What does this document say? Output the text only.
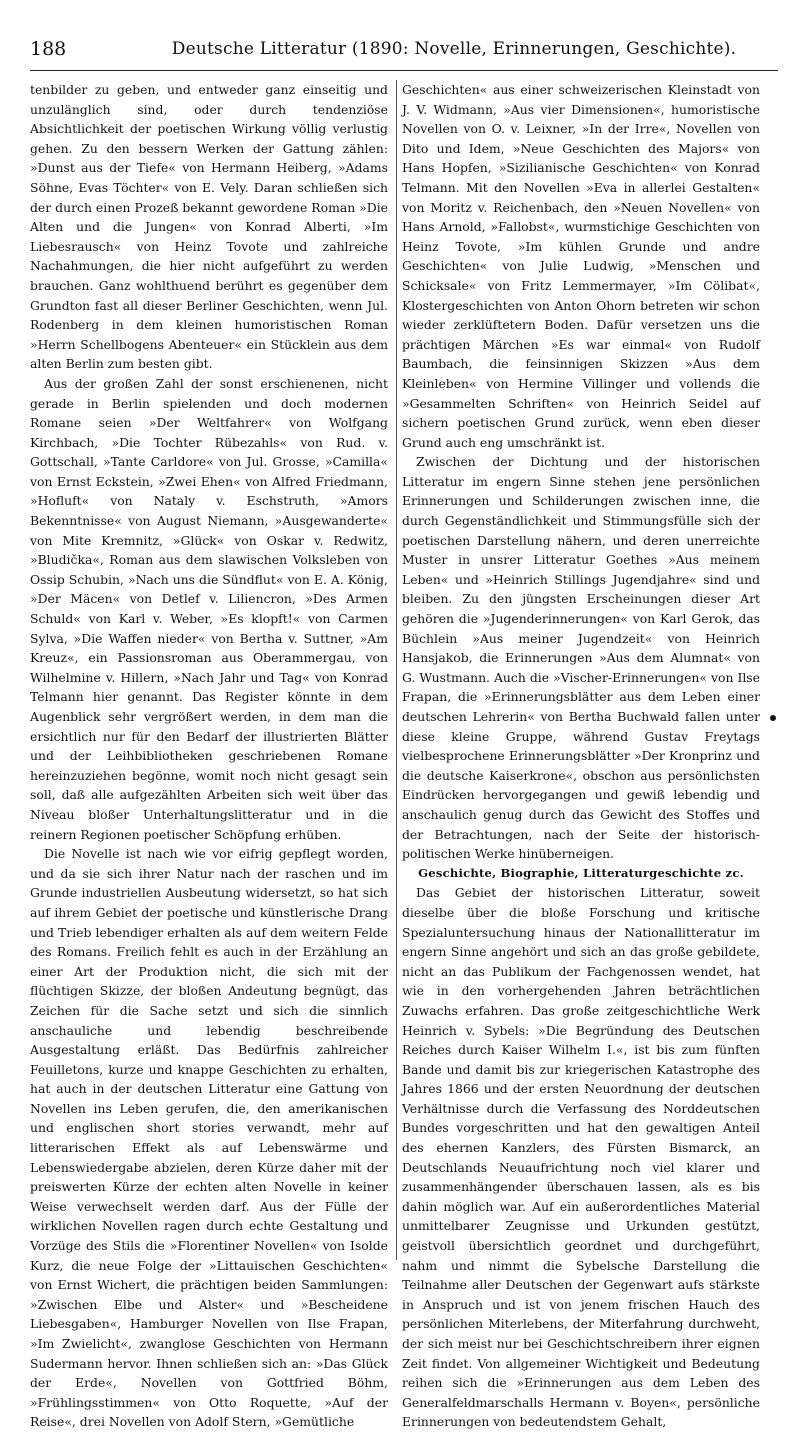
188	Deutsche Litteratur (1890: Novelle, Erinnerungen, Geschichte).

tenbilder zu geben, und entweder ganz einseitig und unzulänglich sind, oder durch tendenziöse Absichtlichkeit der poetischen Wirkung völlig verlustig gehen. Zu den bessern Werken der Gattung zählen: »Dunst aus der Tiefe« von Hermann Heiberg, »Adams Söhne, Evas Töchter« von E. Vely. Daran schließen sich der durch einen Prozeß bekannt gewordene Roman »Die Alten und die Jungen« von Konrad Alberti, »Im Liebesrausch« von Heinz Tovote und zahlreiche Nachahmungen, die hier nicht aufgeführt zu werden brauchen. Ganz wohlthuend berührt es gegenüber dem Grundton fast all dieser Berliner Geschichten, wenn Jul. Rodenberg in dem kleinen humoristischen Roman »Herrn Schellbogens Abenteuer« ein Stücklein aus dem alten Berlin zum besten gibt.

Aus der großen Zahl der sonst erschienenen, nicht gerade in Berlin spielenden und doch modernen Romane seien »Der Weltfahrer« von Wolfgang Kirchbach, »Die Tochter Rübezahls« von Rud. v. Gottschall, »Tante Carldore« von Jul. Grosse, »Camilla« von Ernst Eckstein, »Zwei Ehen« von Alfred Friedmann, »Hofluft« von Nataly v. Eschstruth, »Amors Bekenntnisse« von August Niemann, »Ausgewanderte« von Mite Kremnitz, »Glück« von Oskar v. Redwitz, »Bludička«, Roman aus dem slawischen Volksleben von Ossip Schubin, »Nach uns die Sündflut« von E. A. König, »Der Mäcen« von Detlef v. Liliencron, »Des Armen Schuld« von Karl v. Weber, »Es klopft!« von Carmen Sylva, »Die Waffen nieder« von Bertha v. Suttner, »Am Kreuz«, ein Passionsroman aus Oberammergau, von Wilhelmine v. Hillern, »Nach Jahr und Tag« von Konrad Telmann hier genannt. Das Register könnte in dem Augenblick sehr vergrößert werden, in dem man die ersichtlich nur für den Bedarf der illustrierten Blätter und der Leihbibliotheken geschriebenen Romane hereinzuziehen begönne, womit noch nicht gesagt sein soll, daß alle aufgezählten Arbeiten sich weit über das Niveau bloßer Unterhaltungslitteratur und in die reinern Regionen poetischer Schöpfung erhüben.

Die Novelle ist nach wie vor eifrig gepflegt worden, und da sie sich ihrer Natur nach der raschen und im Grunde industriellen Ausbeutung widersetzt, so hat sich auf ihrem Gebiet der poetische und künstlerische Drang und Trieb lebendiger erhalten als auf dem weitern Felde des Romans. Freilich fehlt es auch in der Erzählung an einer Art der Produktion nicht, die sich mit der flüchtigen Skizze, der bloßen Andeutung begnügt, das Zeichen für die Sache setzt und sich die sinnlich anschauliche und lebendig beschreibende Ausgestaltung erläßt. Das Bedürfnis zahlreicher Feuilletons, kurze und knappe Geschichten zu erhalten, hat auch in der deutschen Litteratur eine Gattung von Novellen ins Leben gerufen, die, den amerikanischen und englischen short stories verwandt, mehr auf litterarischen Effekt als auf Lebenswärme und Lebenswiedergabe abzielen, deren Kürze daher mit der preiswerten Kürze der echten alten Novelle in keiner Weise verwechselt werden darf. Aus der Fülle der wirklichen Novellen ragen durch echte Gestaltung und Vorzüge des Stils die »Florentiner Novellen« von Isolde Kurz, die neue Folge der »Littauischen Geschichten« von Ernst Wichert, die prächtigen beiden Sammlungen: »Zwischen Elbe und Alster« und »Bescheidene Liebesgaben«, Hamburger Novellen von Ilse Frapan, »Im Zwielicht«, zwanglose Geschichten von Hermann Sudermann hervor. Ihnen schließen sich an: »Das Glück der Erde«, Novellen von Gottfried Böhm, »Frühlingsstimmen« von Otto Roquette, »Auf der Reise«, drei Novellen von Adolf Stern, »Gemütliche

Geschichten« aus einer schweizerischen Kleinstadt von J. V. Widmann, »Aus vier Dimensionen«, humoristische Novellen von O. v. Leixner, »In der Irre«, Novellen von Dito und Idem, »Neue Geschichten des Majors« von Hans Hopfen, »Sizilianische Geschichten« von Konrad Telmann. Mit den Novellen »Eva in allerlei Gestalten« von Moritz v. Reichenbach, den »Neuen Novellen« von Hans Arnold, »Fallobst«, wurmstichige Geschichten von Heinz Tovote, »Im kühlen Grunde und andre Geschichten« von Julie Ludwig, »Menschen und Schicksale« von Fritz Lemmermayer, »Im Cölibat«, Klostergeschichten von Anton Ohorn betreten wir schon wieder zerklüftetern Boden. Dafür versetzen uns die prächtigen Märchen »Es war einmal« von Rudolf Baumbach, die feinsinnigen Skizzen »Aus dem Kleinleben« von Hermine Villinger und vollends die »Gesammelten Schriften« von Heinrich Seidel auf sichern poetischen Grund zurück, wenn eben dieser Grund auch eng umschränkt ist.

Zwischen der Dichtung und der historischen Litteratur im engern Sinne stehen jene persönlichen Erinnerungen und Schilderungen zwischen inne, die durch Gegenständlichkeit und Stimmungsfülle sich der poetischen Darstellung nähern, und deren unerreichte Muster in unsrer Litteratur Goethes »Aus meinem Leben« und »Heinrich Stillings Jugendjahre« sind und bleiben. Zu den jüngsten Erscheinungen dieser Art gehören die »Jugenderinnerungen« von Karl Gerok, das Büchlein »Aus meiner Jugendzeit« von Heinrich Hansjakob, die Erinnerungen »Aus dem Alumnat« von G. Wustmann. Auch die »Vischer-Erinnerungen« von Ilse Frapan, die »Erinnerungsblätter aus dem Leben einer deutschen Lehrerin« von Bertha Buchwald fallen unter diese kleine Gruppe, während Gustav Freytags vielbesprochene Erinnerungsblätter »Der Kronprinz und die deutsche Kaiserkrone«, obschon aus persönlichsten Eindrücken hervorgegangen und gewiß lebendig und anschaulich genug durch das Gewicht des Stoffes und der Betrachtungen, nach der Seite der historisch-politischen Werke hinüberneigen.

Geschichte, Biographie, Litteraturgeschichte zc.

Das Gebiet der historischen Litteratur, soweit dieselbe über die bloße Forschung und kritische Spezialuntersuchung hinaus der Nationallitteratur im engern Sinne angehört und sich an das große gebildete, nicht an das Publikum der Fachgenossen wendet, hat wie in den vorhergehenden Jahren beträchtlichen Zuwachs erfahren. Das große zeitgeschichtliche Werk Heinrich v. Sybels: »Die Begründung des Deutschen Reiches durch Kaiser Wilhelm I.«, ist bis zum fünften Bande und damit bis zur kriegerischen Katastrophe des Jahres 1866 und der ersten Neuordnung der deutschen Verhältnisse durch die Verfassung des Norddeutschen Bundes vorgeschritten und hat den gewaltigen Anteil des ehernen Kanzlers, des Fürsten Bismarck, an Deutschlands Neuaufrichtung noch viel klarer und zusammenhängender überschauen lassen, als es bis dahin möglich war. Auf ein außerordentliches Material unmittelbarer Zeugnisse und Urkunden gestützt, geistvoll übersichtlich geordnet und durchgeführt, nahm und nimmt die Sybelsche Darstellung die Teilnahme aller Deutschen der Gegenwart aufs stärkste in Anspruch und ist von jenem frischen Hauch des persönlichen Miterlebens, der Miterfahrung durchweht, der sich meist nur bei Geschichtschreibern ihrer eignen Zeit findet. Von allgemeiner Wichtigkeit und Bedeutung reihen sich die »Erinnerungen aus dem Leben des Generalfeldmarschalls Hermann v. Boyen«, persönliche Erinnerungen von bedeutendstem Gehalt,
